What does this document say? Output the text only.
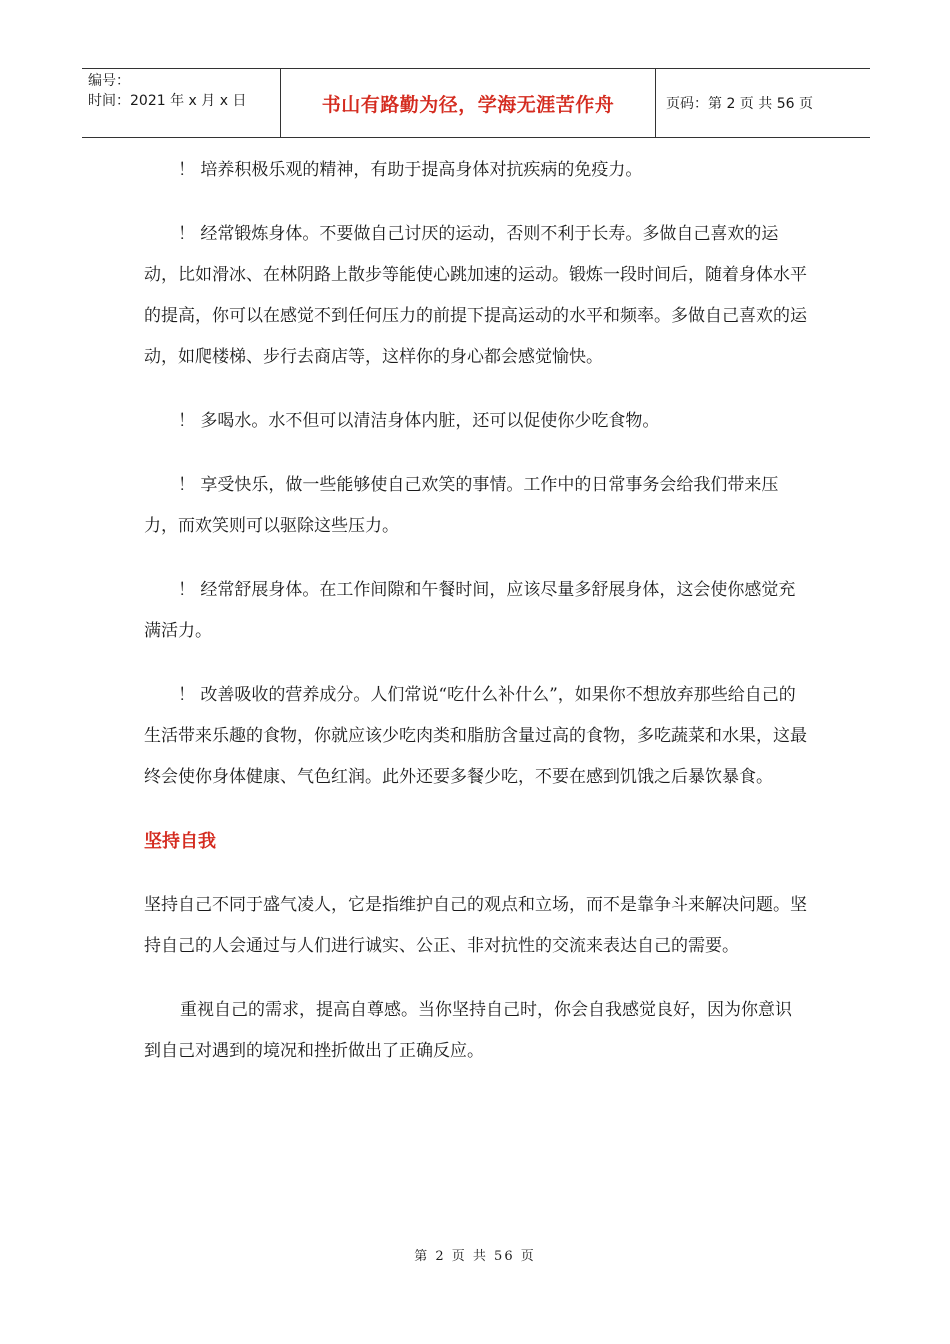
编号：
时间：2021 年 x 月 x 日	书山有路勤为径，学海无涯苦作舟	页码：第 2 页 共 56 页

！ 培养积极乐观的精神，有助于提高身体对抗疾病的免疫力。

！ 经常锻炼身体。不要做自己讨厌的运动，否则不利于长寿。多做自己喜欢的运动，比如滑冰、在林阴路上散步等能使心跳加速的运动。锻炼一段时间后，随着身体水平的提高，你可以在感觉不到任何压力的前提下提高运动的水平和频率。多做自己喜欢的运动，如爬楼梯、步行去商店等，这样你的身心都会感觉愉快。

！ 多喝水。水不但可以清洁身体内脏，还可以促使你少吃食物。

！ 享受快乐，做一些能够使自己欢笑的事情。工作中的日常事务会给我们带来压力，而欢笑则可以驱除这些压力。

！ 经常舒展身体。在工作间隙和午餐时间，应该尽量多舒展身体，这会使你感觉充满活力。

！ 改善吸收的营养成分。人们常说“吃什么补什么”，如果你不想放弃那些给自己的生活带来乐趣的食物，你就应该少吃肉类和脂肪含量过高的食物，多吃蔬菜和水果，这最终会使你身体健康、气色红润。此外还要多餐少吃，不要在感到饥饿之后暴饮暴食。

坚持自我

坚持自己不同于盛气凌人，它是指维护自己的观点和立场，而不是靠争斗来解决问题。坚持自己的人会通过与人们进行诚实、公正、非对抗性的交流来表达自己的需要。

重视自己的需求，提高自尊感。当你坚持自己时，你会自我感觉良好，因为你意识到自己对遇到的境况和挫折做出了正确反应。

第 2 页 共 56 页
